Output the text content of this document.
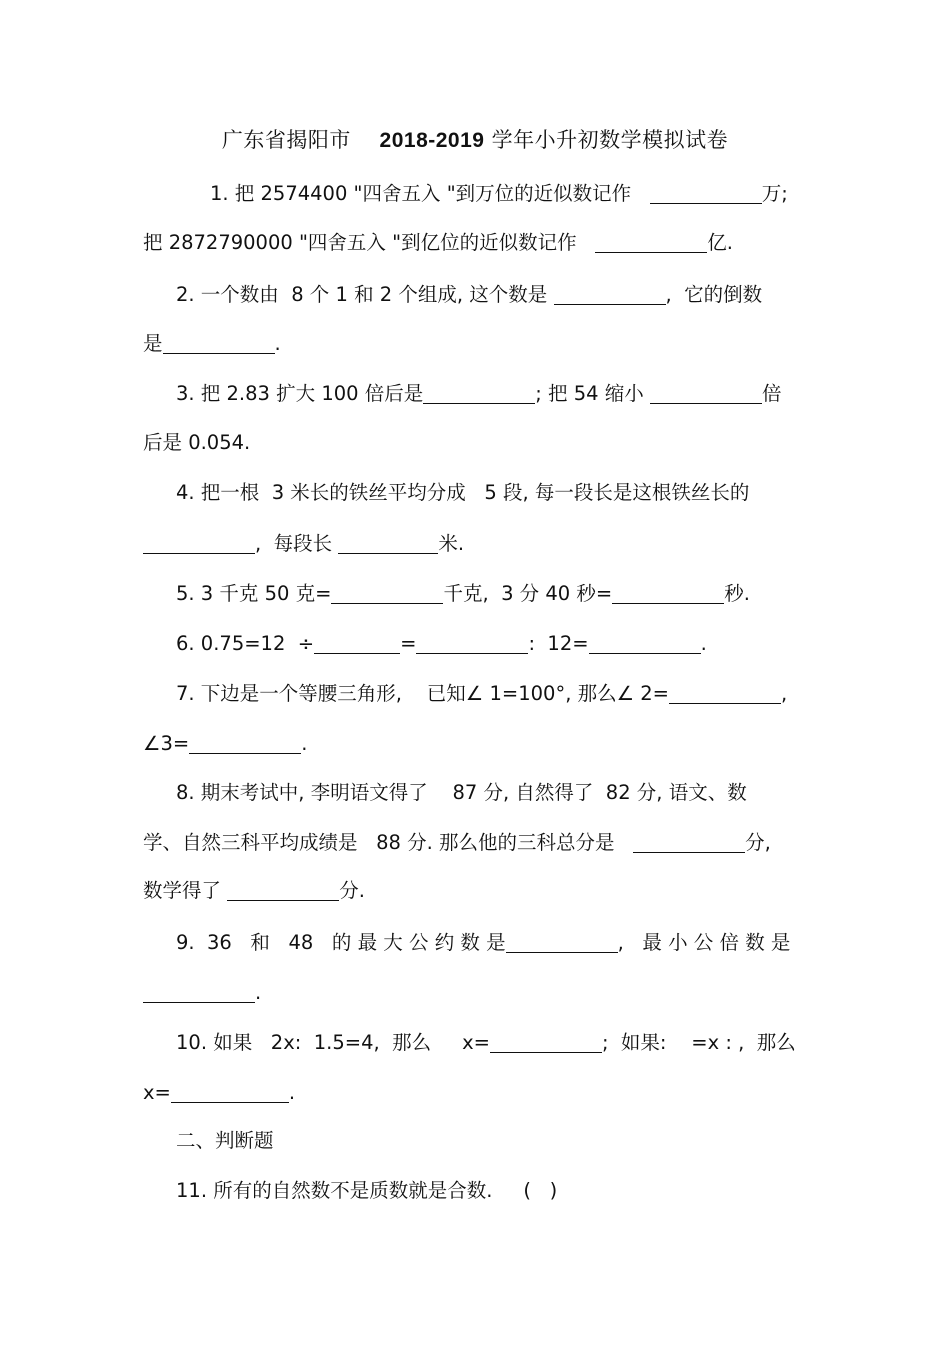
广东省揭阳市 2018-2019 学年小升初数学模拟试卷
1. 把 2574400 "四舍五入 "到万位的近似数记作	万;
把 2872790000 "四舍五入 "到亿位的近似数记作	亿.
2. 一个数由  8 个 1 和 2 个组成, 这个数是	,  它的倒数
是	.
3. 把 2.83 扩大 100 倍后是	; 把 54 缩小	倍
后是 0.054.
4. 把一根  3 米长的铁丝平均分成   5 段, 每一段长是这根铁丝长的
,  每段长	米.
5. 3 千克 50 克=	千克,  3 分 40 秒=	秒.
6. 0.75=12  ÷	=	:  12=	.
7. 下边是一个等腰三角形,    已知∠ 1=100°, 那么∠ 2=	,
∠3=	.
8. 期末考试中, 李明语文得了    87 分, 自然得了  82 分, 语文、数
学、自然三科平均成绩是   88 分. 那么他的三科总分是	分,
数学得了	分.
9.  36   和   48   的 最 大 公 约 数 是	,   最 小 公 倍 数 是
.
10. 如果   2x:  1.5=4,  那么     x=	;  如果:    =x : ,  那么
x=	.
二、判断题
11. 所有的自然数不是质数就是合数. (   )
